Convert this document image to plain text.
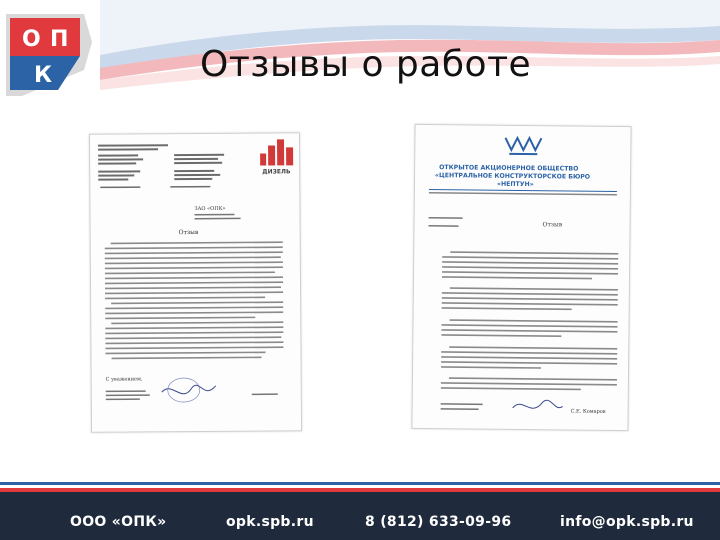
О П
К	Отзывы о работе
ДИЗЕЛЬ
ЗАО «ОПК»
Отзыв
С уважением,
ОТКРЫТОЕ АКЦИОНЕРНОЕ ОБЩЕСТВО
«ЦЕНТРАЛЬНОЕ КОНСТРУКТОРСКОЕ БЮРО
«НЕПТУН»
Отзыв
С.Е. Комаров
ООО «ОПК»	opk.spb.ru	8 (812) 633-09-96	info@opk.spb.ru
